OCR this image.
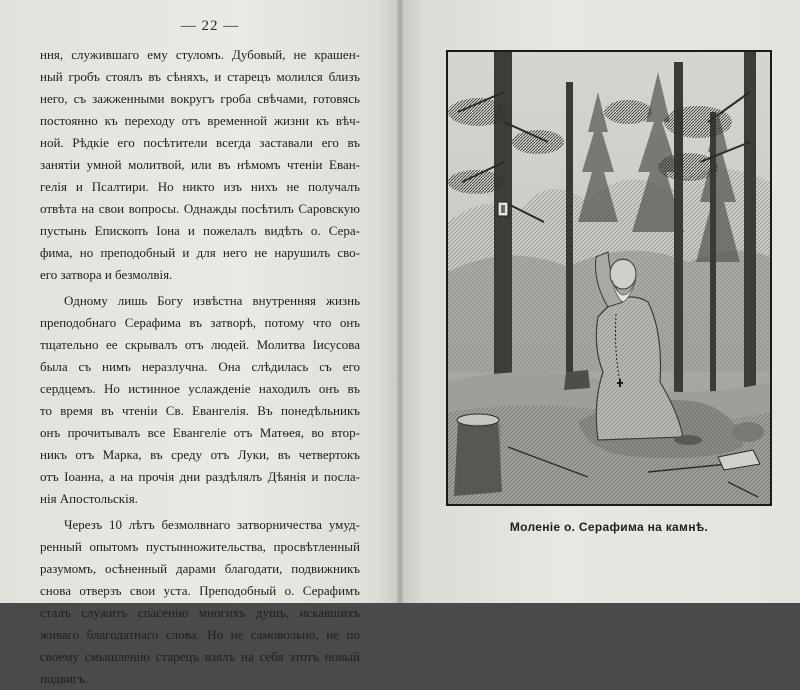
— 22 —
ння, служившаго ему стуломъ. Дубовый, не крашен-
ный гробъ стоялъ въ сѣняхъ, и старецъ молился близъ
него, съ зажженными вокругъ гроба свѣчами, готовясь
постоянно къ переходу отъ временной жизни къ вѣч-
ной. Рѣдкіе его посѣтители всегда заставали его въ
занятіи умной молитвой, или въ нѣмомъ чтеніи Еван-
гелія и Псалтири. Но никто изъ нихъ не получалъ
отвѣта на свои вопросы. Однажды посѣтилъ Саровскую
пустынь Епископъ Іона и пожелалъ видѣть о. Сера-
фима, но преподобный и для него не нарушилъ сво-
его затвора и безмолвія.
Одному лишь Богу извѣстна внутренняя жизнь
преподобнаго Серафима въ затворѣ, потому что онъ
тщательно ее скрывалъ отъ людей. Молитва Іисусова
была съ нимъ неразлучна. Она слѣдилась съ его
сердцемъ. Но истинное услажденіе находилъ онъ въ
то время въ чтеніи Св. Евангелія. Въ понедѣльникъ
онъ прочитывалъ все Евангеліе отъ Матѳея, во втор-
никъ отъ Марка, въ среду отъ Луки, въ четвертокъ
отъ Іоанна, а на прочія дни раздѣлялъ Дѣянія и посла-
нія Апостольскія.
Черезъ 10 лѣтъ безмолвнаго затворничества умуд-
ренный опытомъ пустынножительства, просвѣтленный
разумомъ, осѣненный дарами благодати, подвижникъ
снова отверзъ свои уста. Преподобный о. Серафимъ
сталъ служить спасенію многихъ душъ, искавшихъ
живаго благодатнаго слова. Но не самовольно, не по
своему смышленію старецъ взялъ на себя этотъ новый
подвигъ.
Моленіе о. Серафима на камнѣ.
